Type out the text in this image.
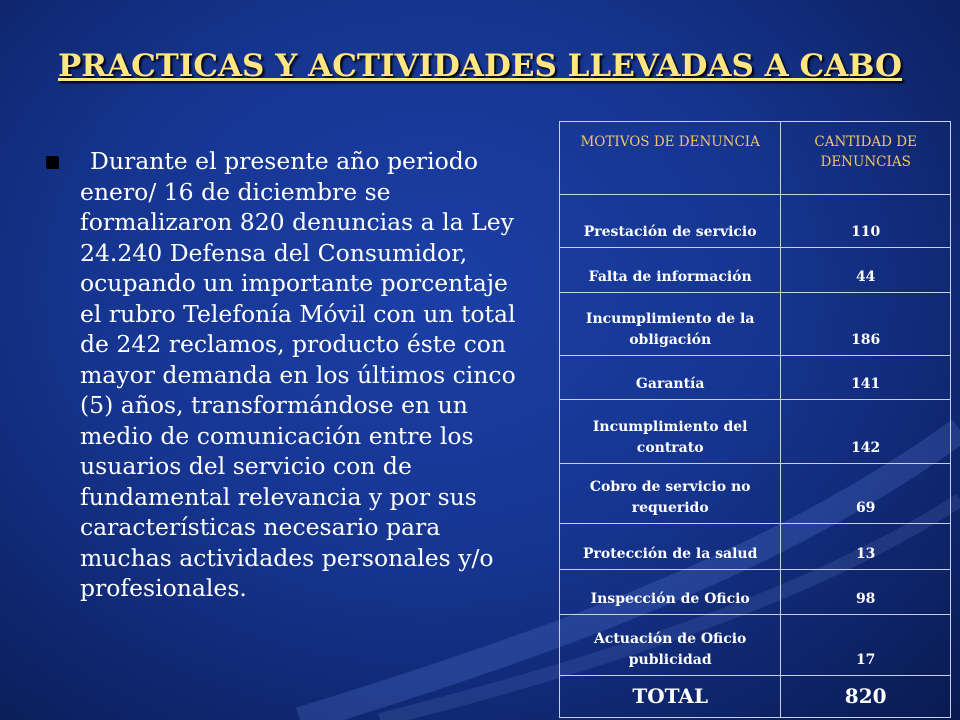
PRACTICAS Y ACTIVIDADES LLEVADAS A CABO

Durante el presente año periodo enero/ 16 de diciembre se formalizaron 820 denuncias a la Ley 24.240 Defensa del Consumidor, ocupando un importante porcentaje el rubro Telefonía Móvil con un total de 242 reclamos, producto éste con mayor demanda en los últimos cinco (5) años, transformándose en un medio de comunicación entre los usuarios del servicio con de fundamental relevancia y por sus características necesario para muchas actividades personales y/o profesionales.

MOTIVOS DE DENUNCIA	CANTIDAD DE DENUNCIAS
Prestación de servicio	110
Falta de información	44
Incumplimiento de la obligación	186
Garantía	141
Incumplimiento del contrato	142
Cobro de servicio no requerido	69
Protección de la salud	13
Inspección de Oficio	98
Actuación de Oficio publicidad	17
TOTAL	820
